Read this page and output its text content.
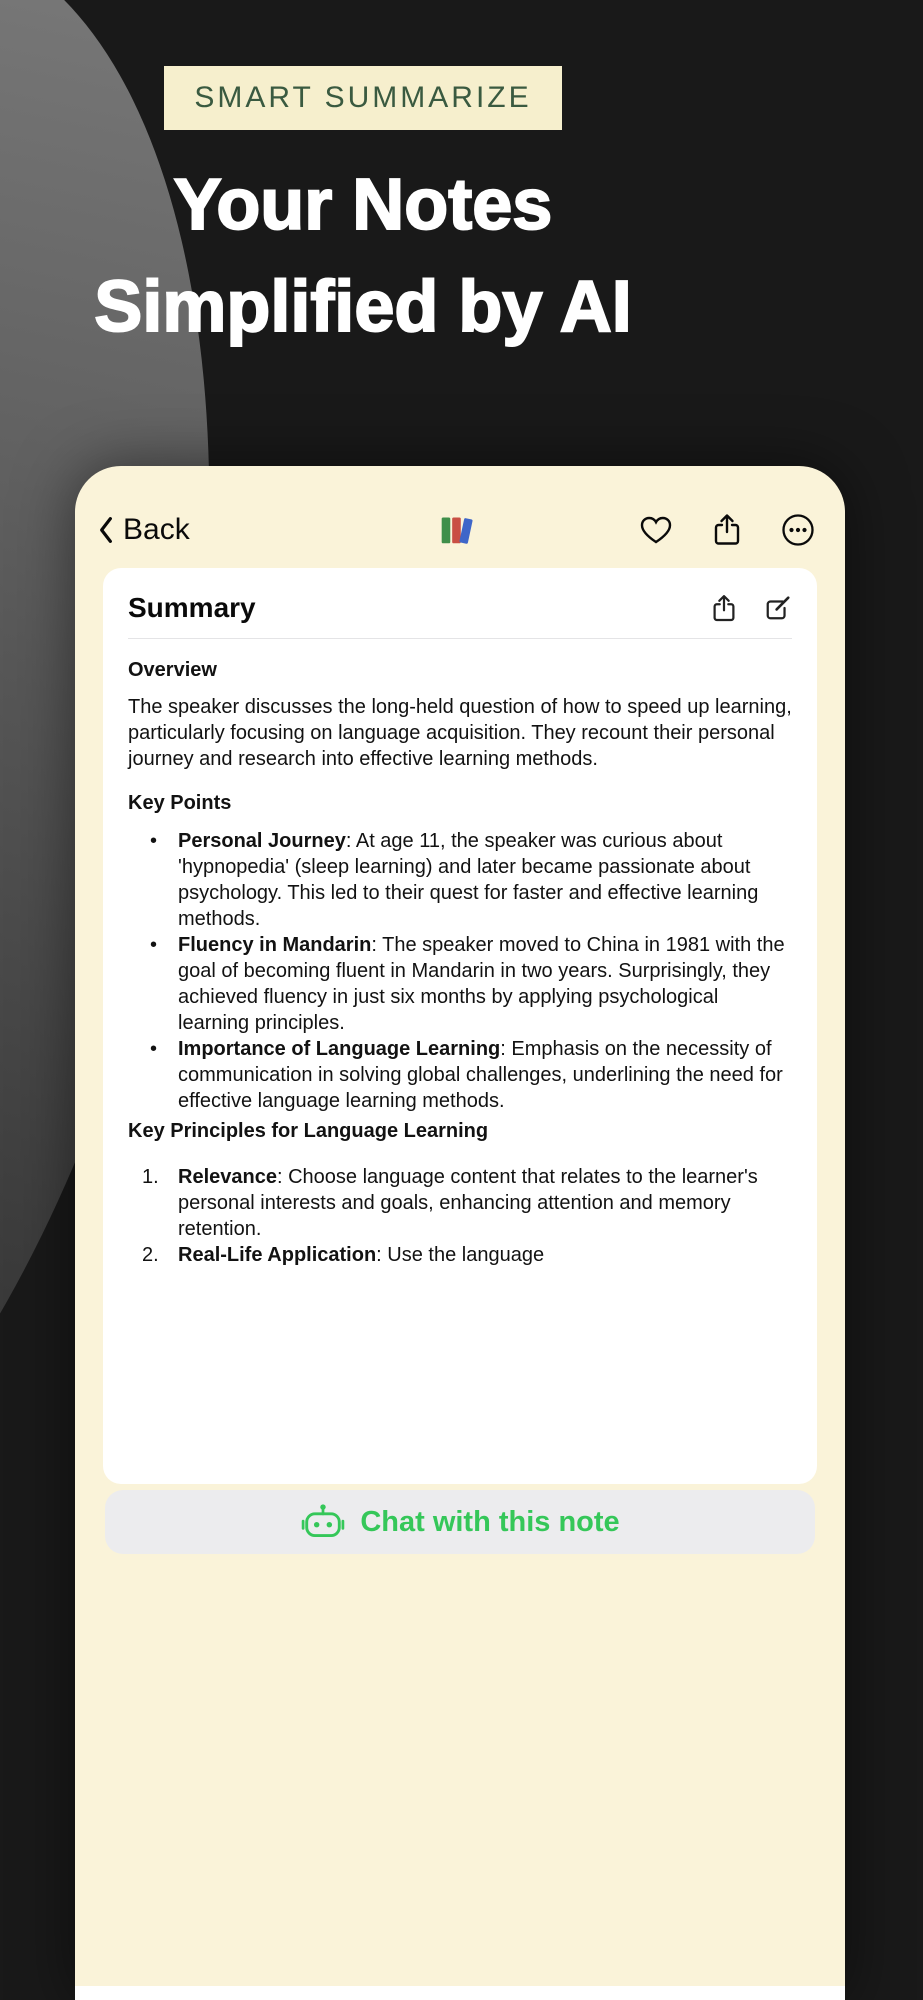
SMART SUMMARIZE
Your Notes
Simplified by AI
Back
Summary
Overview
The speaker discusses the long-held question of how to speed up learning, particularly focusing on language acquisition. They recount their personal journey and research into effective learning methods.
Key Points
• Personal Journey: At age 11, the speaker was curious about 'hypnopedia' (sleep learning) and later became passionate about psychology. This led to their quest for faster and effective learning methods.
• Fluency in Mandarin: The speaker moved to China in 1981 with the goal of becoming fluent in Mandarin in two years. Surprisingly, they achieved fluency in just six months by applying psychological learning principles.
• Importance of Language Learning: Emphasis on the necessity of communication in solving global challenges, underlining the need for effective language learning methods.
Key Principles for Language Learning
1. Relevance: Choose language content that relates to the learner's personal interests and goals, enhancing attention and memory retention.
2. Real-Life Application: Use the language
Chat with this note
